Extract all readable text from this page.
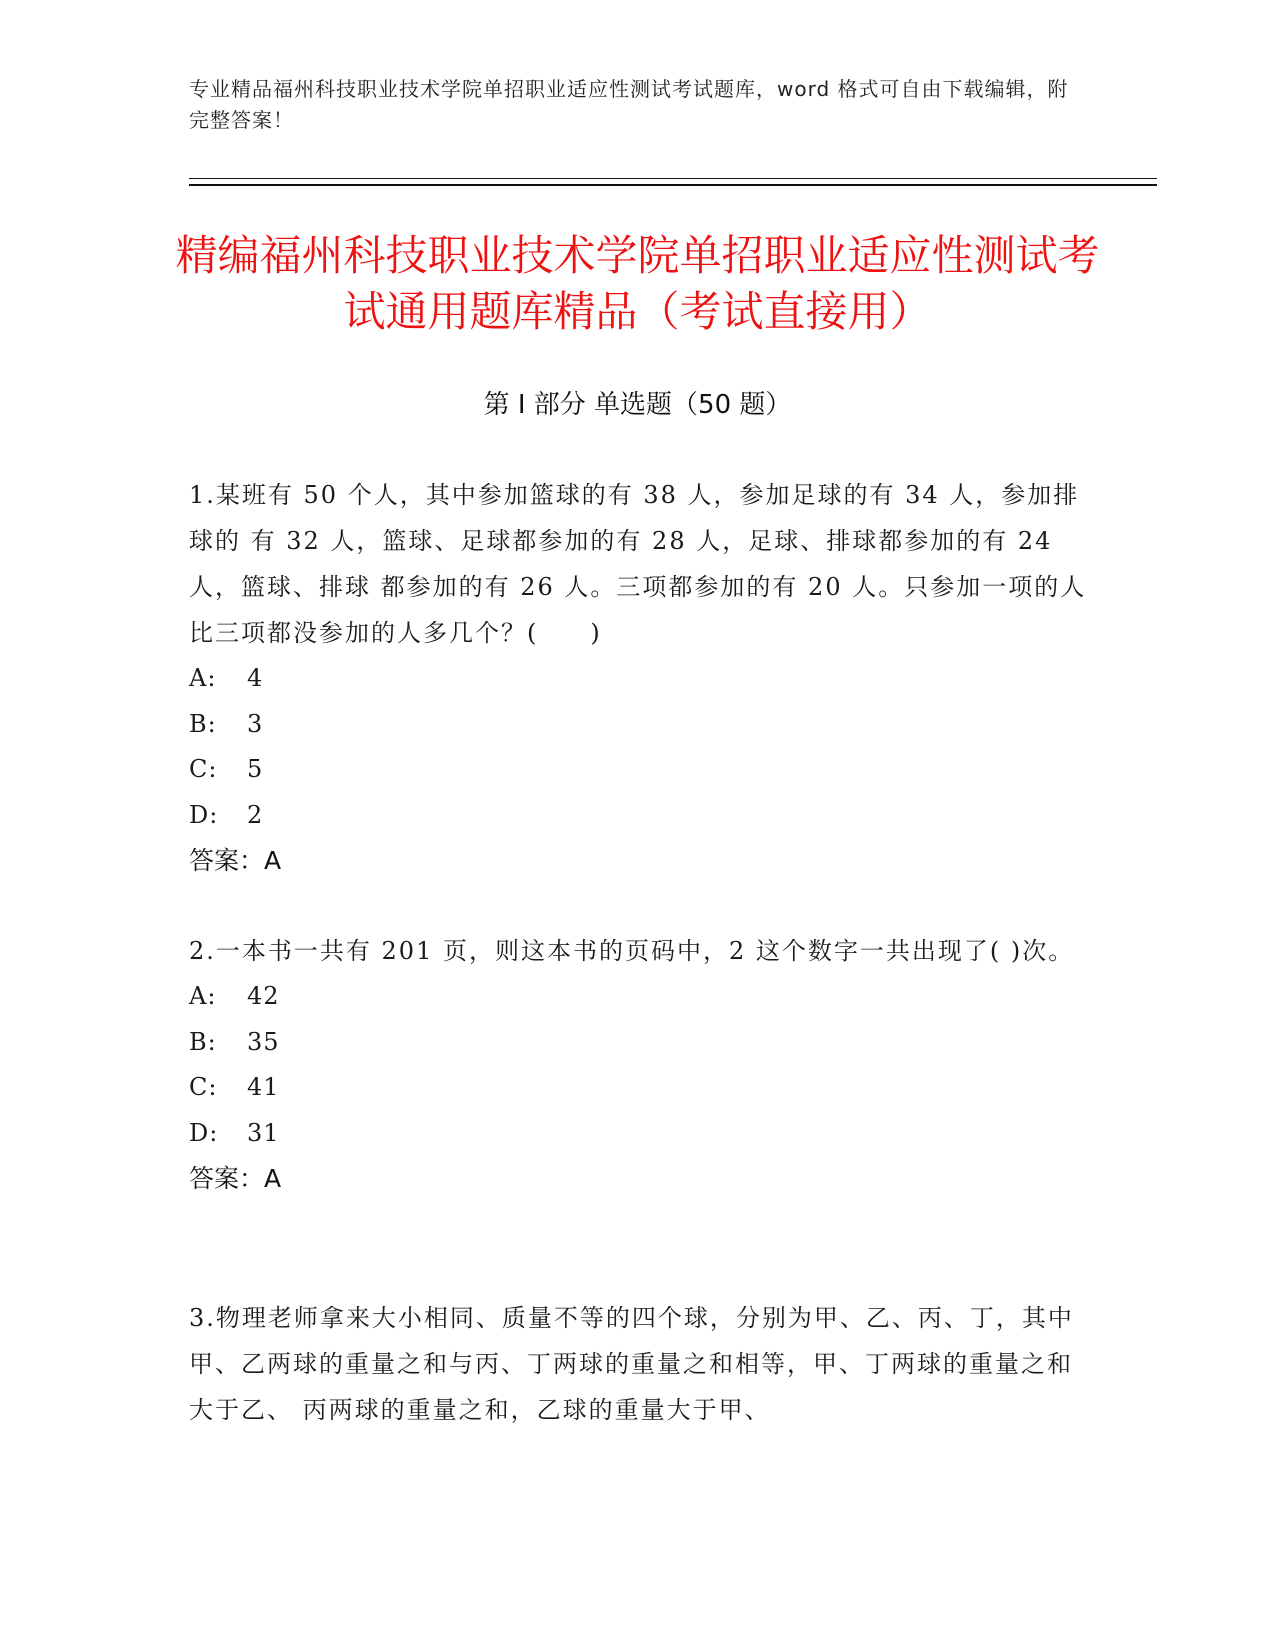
专业精品福州科技职业技术学院单招职业适应性测试考试题库，word 格式可自由下载编辑，附完整答案！
精编福州科技职业技术学院单招职业适应性测试考试通用题库精品（考试直接用）
第 I 部分 单选题（50 题）
1.某班有 50 个人，其中参加篮球的有 38 人，参加足球的有 34 人，参加排球的 有 32 人，篮球、足球都参加的有 28 人，足球、排球都参加的有 24 人，篮球、排球 都参加的有 26 人。三项都参加的有 20 人。只参加一项的人比三项都没参加的人多几个？(　　)
A: 4
B: 3
C: 5
D: 2
答案：A
2.一本书一共有 201 页，则这本书的页码中，2 这个数字一共出现了( )次。
A: 42
B: 35
C: 41
D: 31
答案：A
3.物理老师拿来大小相同、质量不等的四个球，分别为甲、乙、丙、丁，其中 甲、乙两球的重量之和与丙、丁两球的重量之和相等，甲、丁两球的重量之和大于乙、 丙两球的重量之和，乙球的重量大于甲、
